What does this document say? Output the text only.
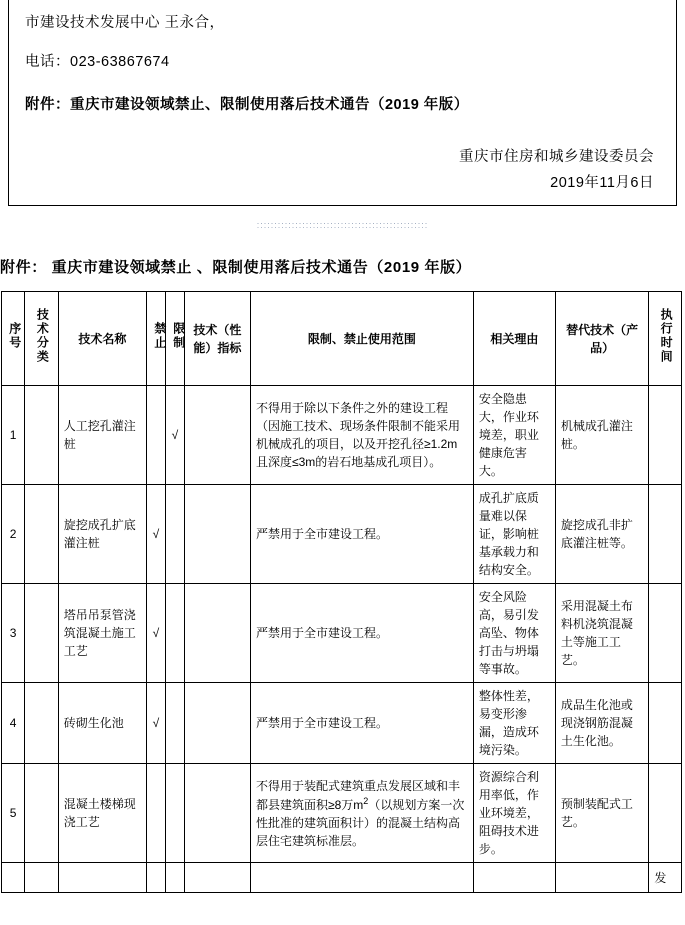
市建设技术发展中心 王永合，
电话：023-63867674
附件：重庆市建设领域禁止、限制使用落后技术通告（2019 年版）
重庆市住房和城乡建设委员会
2019年11月6日
:::::::::::::::::::::::::::::::::::::::::::::::::
附件： 重庆市建设领域禁止 、限制使用落后技术通告（2019 年版）
序号	技术分类	技术名称	禁止	限制	技术（性能）指标	限制、禁止使用范围	相关理由	替代技术（产品）	执行时间
1		人工挖孔灌注桩		√		不得用于除以下条件之外的建设工程（因施工技术、现场条件限制不能采用机械成孔的项目，以及开挖孔径≥1.2m且深度≤3m的岩石地基成孔项目）。	安全隐患大，作业环境差，职业健康危害大。	机械成孔灌注桩。	
2		旋挖成孔扩底灌注桩	√			严禁用于全市建设工程。	成孔扩底质量难以保证，影响桩基承载力和结构安全。	旋挖成孔非扩底灌注桩等。	
3		塔吊吊泵管浇筑混凝土施工工艺	√			严禁用于全市建设工程。	安全风险高，易引发高坠、物体打击与坍塌等事故。	采用混凝土布料机浇筑混凝土等施工工艺。	
4		砖砌生化池	√			严禁用于全市建设工程。	整体性差，易变形渗漏，造成环境污染。	成品生化池或现浇钢筋混凝土生化池。	
5		混凝土楼梯现浇工艺				不得用于装配式建筑重点发展区域和丰都县建筑面积≥8万$m^2$（以规划方案一次性批准的建筑面积计）的混凝土结构高层住宅建筑标准层。	资源综合利用率低，作业环境差，阻碍技术进步。	预制装配式工艺。	
									发
